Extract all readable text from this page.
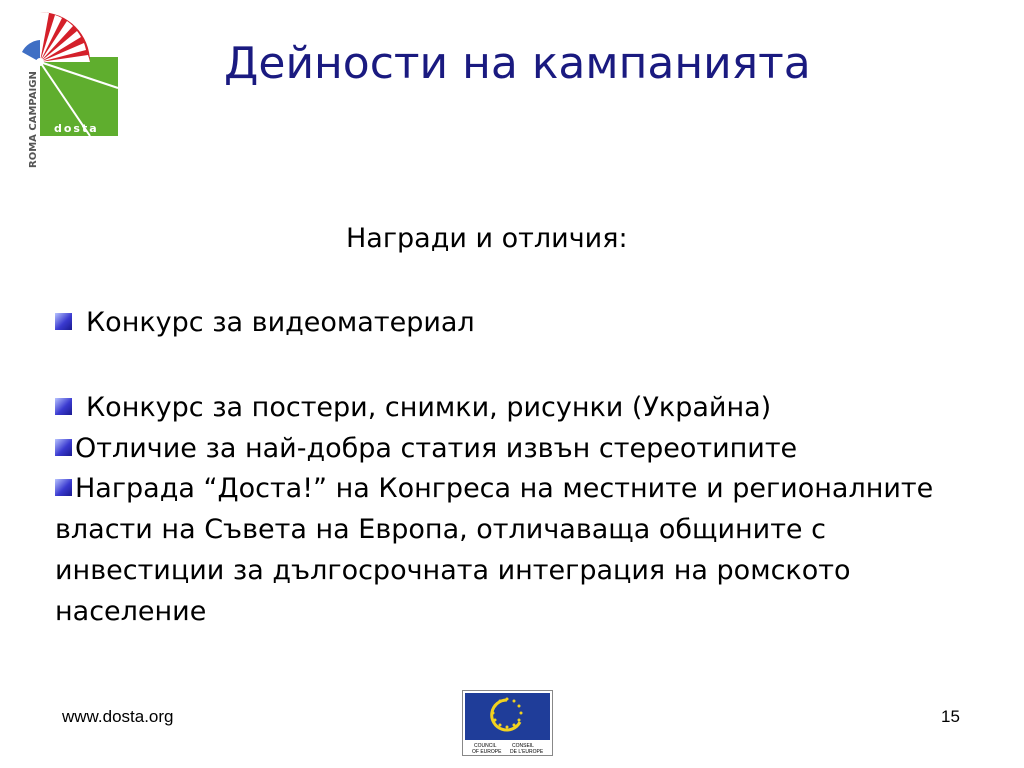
ROMA CAMPAIGN dosta
Дейности на кампанията
Награди и отличия:
Конкурс за видеоматериал
Конкурс за постери, снимки, рисунки (Украйна)
Отличие за най-добра статия извън стереотипите
Награда “Доста!” на Конгреса на местните и регионалните власти на Съвета на Европа, отличаваща общините с инвестиции за дългосрочната интеграция на ромското население
www.dosta.org
COUNCIL
OF EUROPE
CONSEIL
DE L'EUROPE
15
